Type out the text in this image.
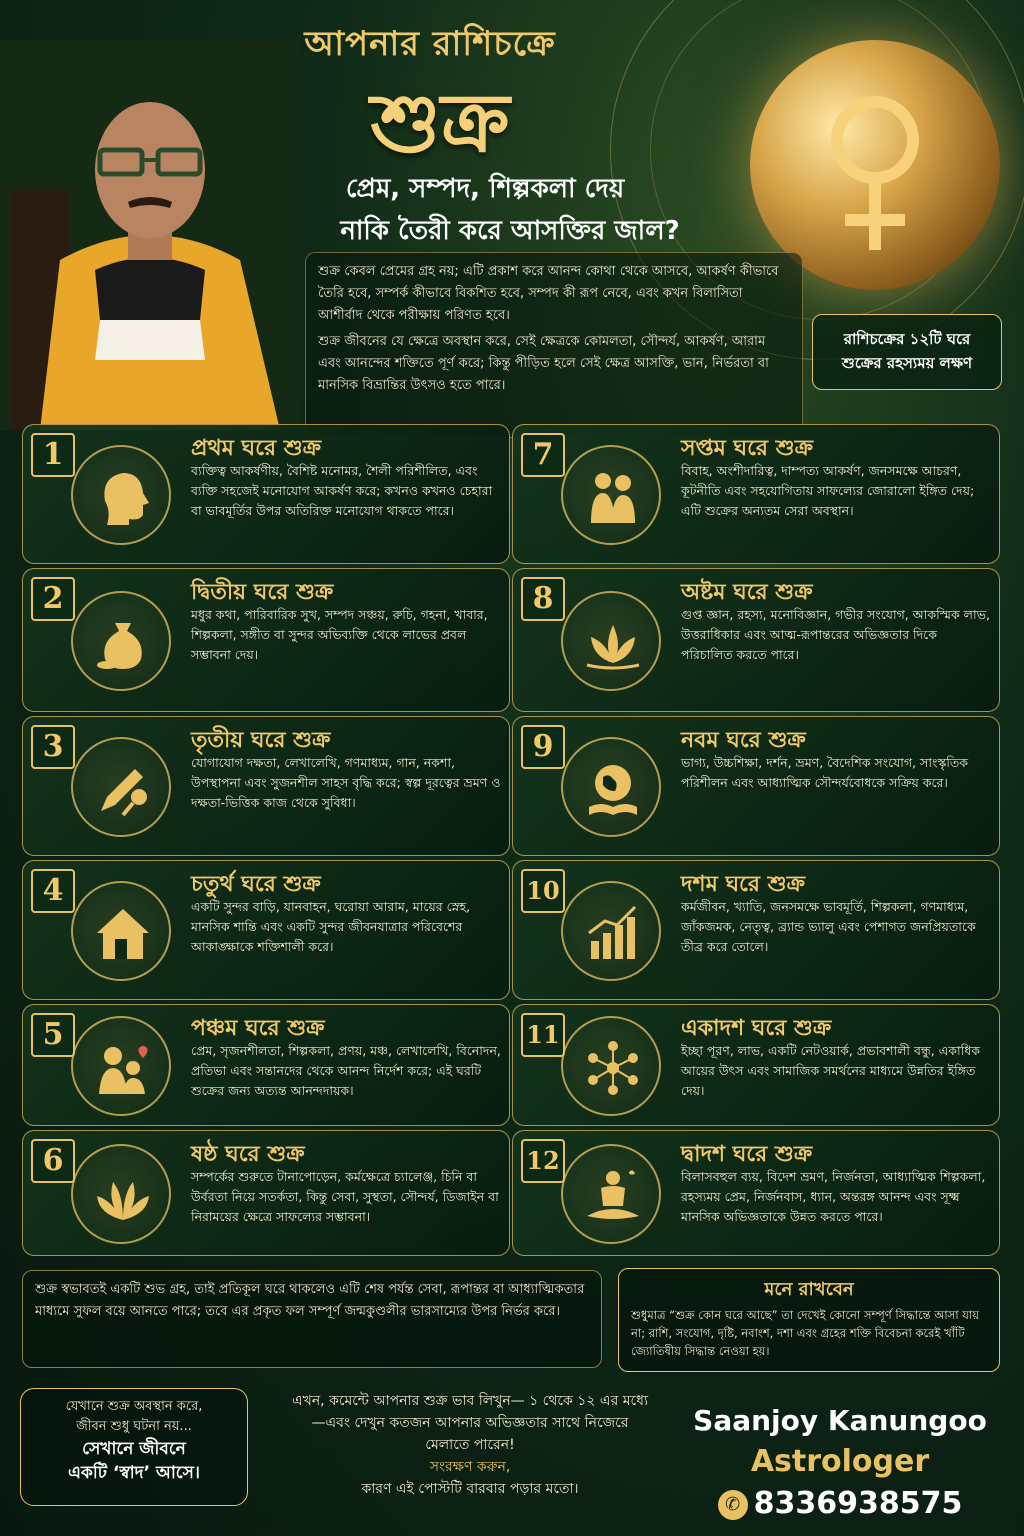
আপনার রাশিচক্রে
শুক্র
প্রেম, সম্পদ, শিল্পকলা দেয়
নাকি তৈরী করে আসক্তির জাল?

শুক্র কেবল প্রেমের গ্রহ নয়; এটি প্রকাশ করে আনন্দ কোথা থেকে আসবে, আকর্ষণ কীভাবে তৈরি হবে, সম্পর্ক কীভাবে বিকশিত হবে, সম্পদ কী রূপ নেবে, এবং কখন বিলাসিতা আশীর্বাদ থেকে পরীক্ষায় পরিণত হবে।

শুক্র জীবনের যে ক্ষেত্রে অবস্থান করে, সেই ক্ষেত্রকে কোমলতা, সৌন্দর্য, আকর্ষণ, আরাম এবং আনন্দের শক্তিতে পূর্ণ করে; কিন্তু পীড়িত হলে সেই ক্ষেত্র আসক্তি, ভান, নির্ভরতা বা মানসিক বিভ্রান্তির উৎসও হতে পারে।

রাশিচক্রের ১২টি ঘরে
শুক্রের রহস্যময় লক্ষণ
1	প্রথম ঘরে শুক্র
ব্যক্তিত্ব আকর্ষণীয়, বৈশিষ্ট মনোমর, শৈলী পরিশীলিত, এবং ব্যক্তি সহজেই মনোযোগ আকর্ষণ করে; কখনও কখনও চেহারা বা ভাবমূর্তির উপর অতিরিক্ত মনোযোগ থাকতে পারে।
2	দ্বিতীয় ঘরে শুক্র
মধুর কথা, পারিবারিক সুখ, সম্পদ সঞ্চয়, রুচি, গহনা, খাবার, শিল্পকলা, সঙ্গীত বা সুন্দর অভিব্যক্তি থেকে লাভের প্রবল সম্ভাবনা দেয়।
3	তৃতীয় ঘরে শুক্র
যোগাযোগ দক্ষতা, লেখালেখি, গণমাধ্যম, গান, নকশা, উপস্থাপনা এবং সুজনশীল সাহস বৃদ্ধি করে; স্বল্প দূরত্বের ভ্রমণ ও দক্ষতা-ভিত্তিক কাজ থেকে সুবিধা।
4	চতুর্থ ঘরে শুক্র
একটি সুন্দর বাড়ি, যানবাহন, ঘরোয়া আরাম, মায়ের স্নেহ, মানসিক শান্তি এবং একটি সুন্দর জীবনযাত্রার পরিবেশের আকাঙ্ক্ষাকে শক্তিশালী করে।
5	পঞ্চম ঘরে শুক্র
প্রেম, সৃজনশীলতা, শিল্পকলা, প্রণয়, মঞ্চ, লেখালেখি, বিনোদন, প্রতিভা এবং সন্তানদের থেকে আনন্দ নির্দেশ করে; এই ঘরটি শুক্রের জন্য অত্যন্ত আনন্দদায়ক।
6	ষষ্ঠ ঘরে শুক্র
সম্পর্কের শুরুতে টানাপোড়েন, কর্মক্ষেত্রে চ্যালেঞ্জ, চিনি বা উর্বরতা নিয়ে সতর্কতা, কিন্তু সেবা, সুস্থতা, সৌন্দর্য, ডিজাইন বা নিরাময়ের ক্ষেত্রে সাফল্যের সম্ভাবনা।
7	সপ্তম ঘরে শুক্র
বিবাহ, অংশীদারিত্ব, দাম্পত্য আকর্ষণ, জনসমক্ষে আচরণ, কূটনীতি এবং সহযোগিতায় সাফল্যের জোরালো ইঙ্গিত দেয়; এটি শুক্রের অন্যতম সেরা অবস্থান।
8	অষ্টম ঘরে শুক্র
গুপ্ত জ্ঞান, রহস্য, মনোবিজ্ঞান, গভীর সংযোগ, আকস্মিক লাভ, উত্তরাধিকার এবং আত্ম-রূপান্তরের অভিজ্ঞতার দিকে পরিচালিত করতে পারে।
9	নবম ঘরে শুক্র
ভাগ্য, উচ্চশিক্ষা, দর্শন, ভ্রমণ, বৈদেশিক সংযোগ, সাংস্কৃতিক পরিশীলন এবং আধ্যাত্মিক সৌন্দর্যবোধকে সক্রিয় করে।
10	দশম ঘরে শুক্র
কর্মজীবন, খ্যাতি, জনসমক্ষে ভাবমূর্তি, শিল্পকলা, গণমাধ্যম, জাঁকজমক, নেতৃত্ব, ব্র্যান্ড ভ্যালু এবং পেশাগত জনপ্রিয়তাকে তীব্র করে তোলে।
11	একাদশ ঘরে শুক্র
ইচ্ছা পূরণ, লাভ, একটি নেটওয়ার্ক, প্রভাবশালী বন্ধু, একাধিক আয়ের উৎস এবং সামাজিক সমর্থনের মাধ্যমে উন্নতির ইঙ্গিত দেয়।
12	দ্বাদশ ঘরে শুক্র
বিলাসবহুল ব্যয়, বিদেশ ভ্রমণ, নির্জনতা, আধ্যাত্মিক শিল্পকলা, রহস্যময় প্রেম, নির্জনবাস, ধ্যান, অন্তরঙ্গ আনন্দ এবং সূক্ষ্ম মানসিক অভিজ্ঞতাকে উন্নত করতে পারে।
শুক্র স্বভাবতই একটি শুভ গ্রহ, তাই প্রতিকূল ঘরে থাকলেও এটি শেষ পর্যন্ত সেবা, রূপান্তর বা আধ্যাত্মিকতার মাধ্যমে সুফল বয়ে আনতে পারে; তবে এর প্রকৃত ফল সম্পূর্ণ জন্মকুণ্ডলীর ভারসাম্যের উপর নির্ভর করে।
মনে রাখবেন
শুধুমাত্র “শুক্র কোন ঘরে আছে” তা দেখেই কোনো সম্পূর্ণ সিদ্ধান্তে আসা যায় না; রাশি, সংযোগ, দৃষ্টি, নবাংশ, দশা এবং গ্রহের শক্তি বিবেচনা করেই খাঁটি জ্যোতিষীয় সিদ্ধান্ত নেওয়া হয়।
যেখানে শুক্র অবস্থান করে,
জীবন শুধু ঘটনা নয়...
সেখানে জীবনে
একটি ‘স্বাদ’ আসে।
এখন, কমেন্টে আপনার শুক্র ভাব লিখুন— ১ থেকে ১২ এর মধ্যে—এবং দেখুন কতজন আপনার অভিজ্ঞতার সাথে নিজেরে মেলাতে পারেন!
সংরক্ষণ করুন,
কারণ এই পোস্টটি বারবার পড়ার মতো।
Saanjoy Kanungoo
Astrologer
✆ 8336938575
